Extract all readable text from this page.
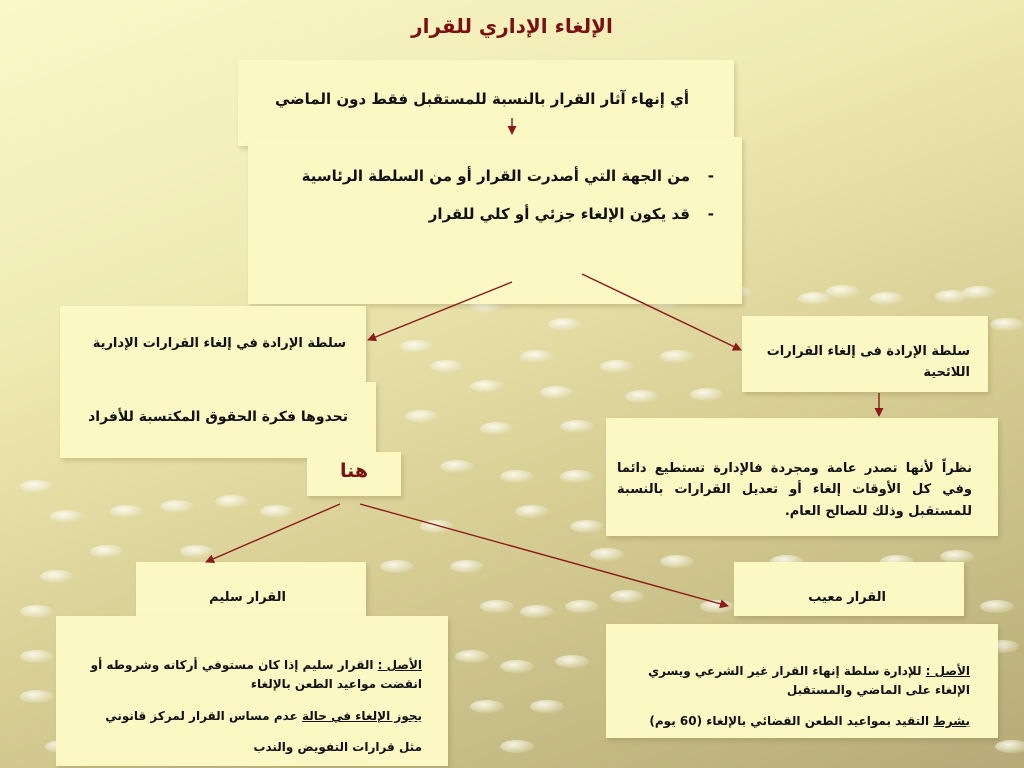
الإلغاء الإداري للقرار
أي إنهاء آثار القرار بالنسبة للمستقبل فقط دون الماضي
- من الجهة التي أصدرت القرار أو من السلطة الرئاسية
- قد يكون الإلغاء جزئي أو كلي للقرار
سلطة الإرادة في إلغاء القرارات الإدارية
تحدوها فكرة الحقوق المكتسبة للأفراد
هنا
سلطة الإرادة فى إلغاء القرارات اللائحية
نظراً لأنها تصدر عامة ومجردة فالإدارة تستطيع دائما وفي كل الأوقات إلغاء أو تعديل القرارات بالنسبة للمستقبل وذلك للصالح العام.
القرار سليم
الأصل : القرار سليم إذا كان مستوفي أركانه وشروطه أو انقضت مواعيد الطعن بالإلغاء
يجوز الإلغاء في حالة عدم مساس القرار لمركز قانوني
مثل قرارات التفويض والندب
القرار معيب
الأصل : للإدارة سلطة إنهاء القرار غير الشرعي ويسري الإلغاء على الماضي والمستقبل
بشرط التقيد بمواعيد الطعن القضائي بالإلغاء (60 يوم)
